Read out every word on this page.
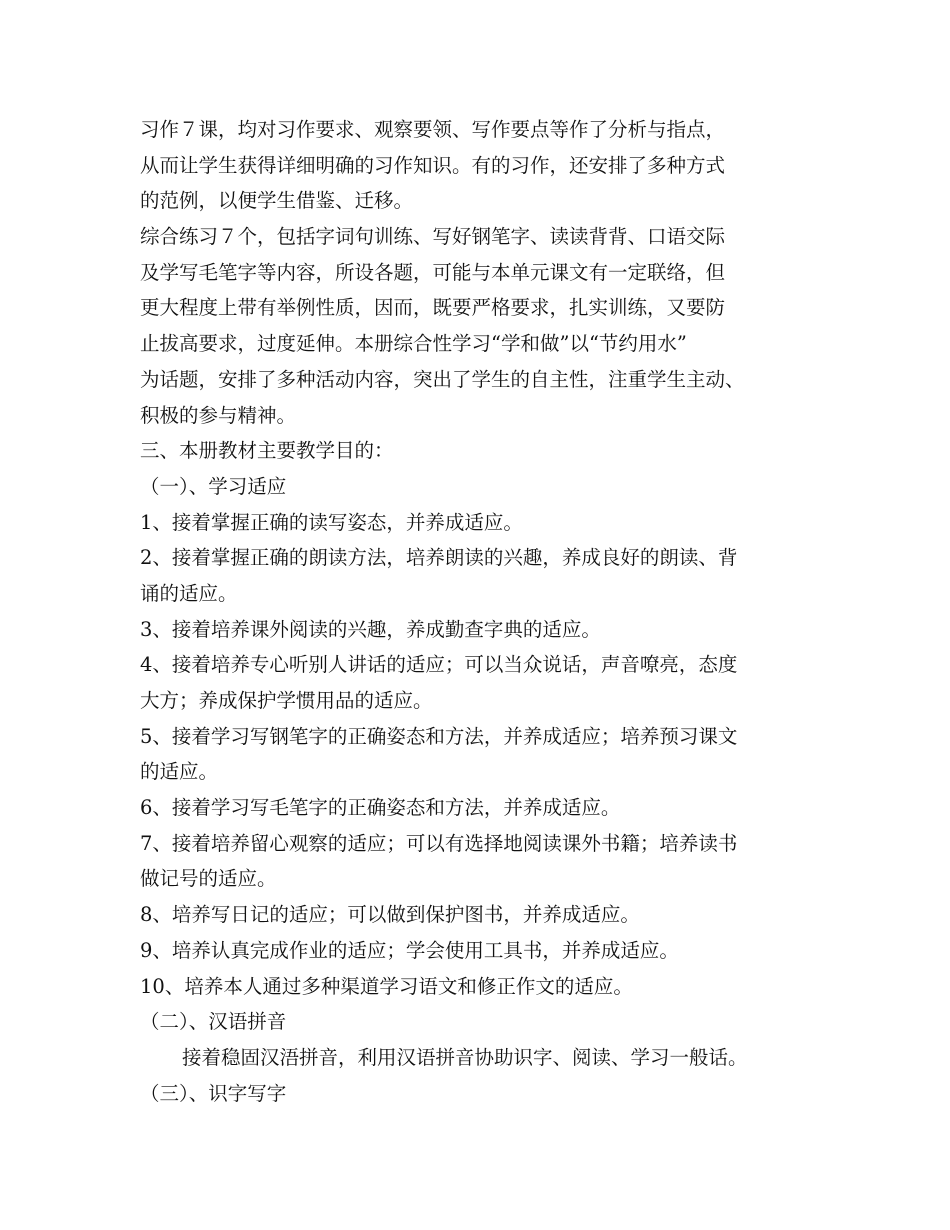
习作７课，均对习作要求、观察要领、写作要点等作了分析与指点，
从而让学生获得详细明确的习作知识。有的习作，还安排了多种方式
的范例，以便学生借鉴、迁移。
综合练习７个，包括字词句训练、写好钢笔字、读读背背、口语交际
及学写毛笔字等内容，所设各题，可能与本单元课文有一定联络，但
更大程度上带有举例性质，因而，既要严格要求，扎实训练，又要防
止拔高要求，过度延伸。本册综合性学习“学和做”以“节约用水”
为话题，安排了多种活动内容，突出了学生的自主性，注重学生主动、
积极的参与精神。
三、本册教材主要教学目的：
（一）、学习适应
1、接着掌握正确的读写姿态，并养成适应。
2、接着掌握正确的朗读方法，培养朗读的兴趣，养成良好的朗读、背
诵的适应。
3、接着培养课外阅读的兴趣，养成勤查字典的适应。
4、接着培养专心听别人讲话的适应；可以当众说话，声音嘹亮，态度
大方；养成保护学惯用品的适应。
5、接着学习写钢笔字的正确姿态和方法，并养成适应；培养预习课文
的适应。
6、接着学习写毛笔字的正确姿态和方法，并养成适应。
7、接着培养留心观察的适应；可以有选择地阅读课外书籍；培养读书
做记号的适应。
8、培养写日记的适应；可以做到保护图书，并养成适应。
9、培养认真完成作业的适应；学会使用工具书，并养成适应。
10、培养本人通过多种渠道学习语文和修正作文的适应。
（二）、汉语拼音
接着稳固汉浯拼音，利用汉语拼音协助识字、阅读、学习一般话。
（三）、识字写字
